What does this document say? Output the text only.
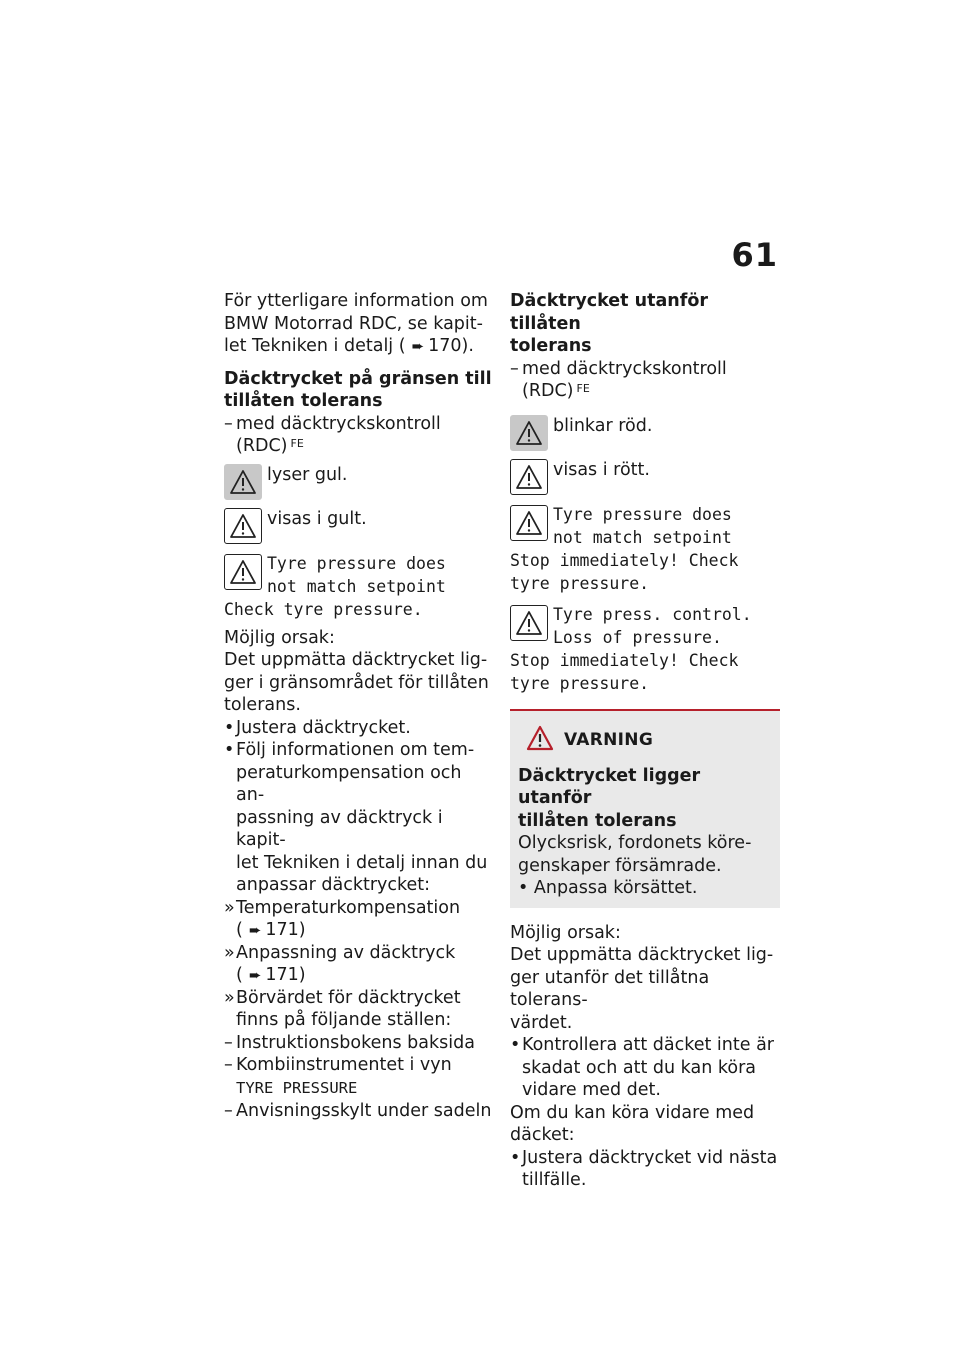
61

För ytterligare information om

BMW Motorrad RDC, se kapit-

let Tekniken i detalj ( ➨ 170).

Däcktrycket på gränsen till

tillåten tolerans

– med däcktryckskontroll
(RDC) $^{FE}$
lyser gul.
visas i gult.
Tyre pressure does
not match setpoint
Check tyre pressure.

Möjlig orsak:

Det uppmätta däcktrycket lig-

ger i gränsområdet för tillåten

tolerans.

• Justera däcktrycket.
• Följ informationen om tem-
peraturkompensation och an-
passning av däcktryck i kapit-
let Tekniken i detalj innan du
anpassar däcktrycket:
» Temperaturkompensation
( ➨ 171)
» Anpassning av däcktryck
( ➨ 171)
» Börvärdet för däcktrycket
finns på följande ställen:
– Instruktionsbokens baksida
– Kombiinstrumentet i vyn
TYRE PRESSURE
– Anvisningsskylt under sadeln

Däcktrycket utanför tillåten

tolerans

– med däcktryckskontroll
(RDC) $^{FE}$
blinkar röd.
visas i rött.
Tyre pressure does
not match setpoint
Stop immediately! Check
tyre pressure.
Tyre press. control.
Loss of pressure.
Stop immediately! Check
tyre pressure.
VARNING

Däcktrycket ligger utanför

tillåten tolerans

Olycksrisk, fordonets köre-

genskaper försämrade.

• Anpassa körsättet.

Möjlig orsak:

Det uppmätta däcktrycket lig-

ger utanför det tillåtna tolerans-

värdet.

• Kontrollera att däcket inte är
skadat och att du kan köra
vidare med det.

Om du kan köra vidare med

däcket:

• Justera däcktrycket vid nästa
tillfälle.
